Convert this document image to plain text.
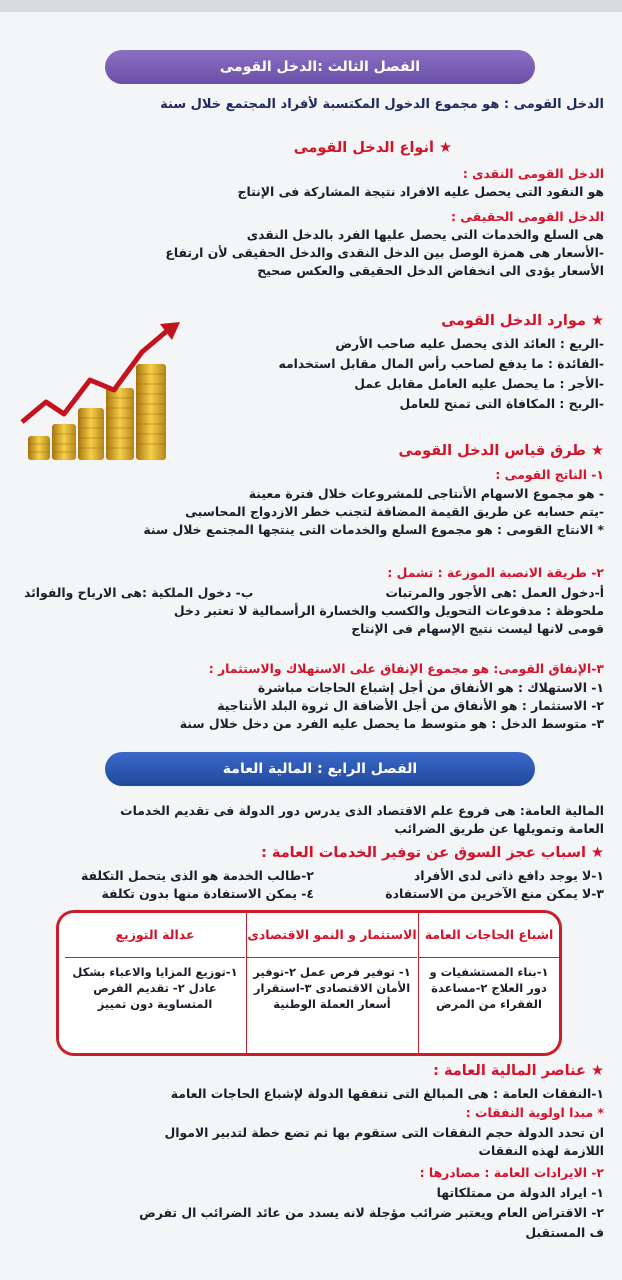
الفصل الثالث :الدخل القومى
الدخل القومى : هو مجموع الدخول المكتسبة لأفراد المجتمع خلال سنة
★ أنواع الدخل القومى
الدخل القومى النقدى :
هو النقود التى يحصل عليه الافراد نتيجة المشاركة فى الإنتاج
الدخل القومى الحقيقى :
هى السلع والخدمات التى يحصل عليها الفرد بالدخل النقدى
-الأسعار هى همزة الوصل بين الدخل النقدى والدخل الحقيقى لأن ارتفاع
الأسعار يؤدى الى انخفاض الدخل الحقيقى والعكس صحيح
★ موارد الدخل القومى
-الريع : العائد الذى يحصل عليه صاحب الأرض
-الفائدة : ما يدفع لصاحب رأس المال مقابل استخدامه
-الأجر : ما يحصل عليه العامل مقابل عمل
-الربح : المكافاة التى تمنح للعامل
★ طرق قياس الدخل القومى
١- الناتج القومى :
- هو مجموع الاسهام الأنتاجى للمشروعات خلال فترة معينة
-يتم حسابه عن طريق القيمة المضافة لتجنب خطر الازدواج المحاسبى
* الانتاج القومى : هو مجموع السلع والخدمات التى ينتجها المجتمع خلال سنة
٢- طريقة الانصبة الموزعة : تشمل :
أ-دخول العمل :هى الأجور والمرتباتب- دخول الملكية :هى الارباح والفوائد
ملحوظة : مدفوعات التحويل والكسب والخسارة الرأسمالية لا تعتبر دخل
قومى لانها ليست نتيج الإسهام فى الإنتاج
٣-الإنفاق القومى: هو مجموع الإنفاق على الاستهلاك والاستثمار :
١- الاستهلاك : هو الأنفاق من أجل إشباع الحاجات مباشرة
٢- الاستثمار : هو الأنفاق من أجل الأضافة ال ثروة البلد الأنتاجية
٣- متوسط الدخل : هو متوسط ما يحصل عليه الفرد من دخل خلال سنة
الفصل الرابع : المالية العامة
المالية العامة: هى فروع علم الاقتصاد الذى يدرس دور الدولة فى تقديم الخدمات
العامة وتمويلها عن طريق الضرائب
★ اسباب عجز السوق عن توفير الخدمات العامة :
١-لا يوجد دافع ذاتى لدى الأفراد٢-طالب الخدمة هو الذى يتحمل التكلفة
٣-لا يمكن منع الآخرين من الاستفادة٤- يمكن الاستفادة منها بدون تكلفة
اشباع الحاجات العامة
١-بناء المستشفيات و دور العلاج ٢-مساعدة الفقراء من المرض
الاستثمار و النمو الاقتصادى
١- توفير فرص عمل ٢-توفير الأمان الاقتصادى ٣-استقرار أسعار العملة الوطنية
عدالة التوزيع
١-توزيع المزايا والاعباء بشكل عادل ٢- تقديم الفرص المتساوية دون تمييز
★ عناصر المالية العامة :
١-النفقات العامة : هى المبالغ التى تنفقها الدولة لإشباع الحاجات العامة
* مبدا اولوية النفقات :
ان تحدد الدولة حجم النفقات التى ستقوم بها ثم تضع خطة لتدبير الاموال
اللازمة لهذه النفقات
٢- الايرادات العامة : مصادرها :
١- ايراد الدولة من ممتلكاتها
٢- الاقتراض العام ويعتبر ضرائب مؤجلة لانه يسدد من عائد الضرائب ال تفرض
ف المستقبل
